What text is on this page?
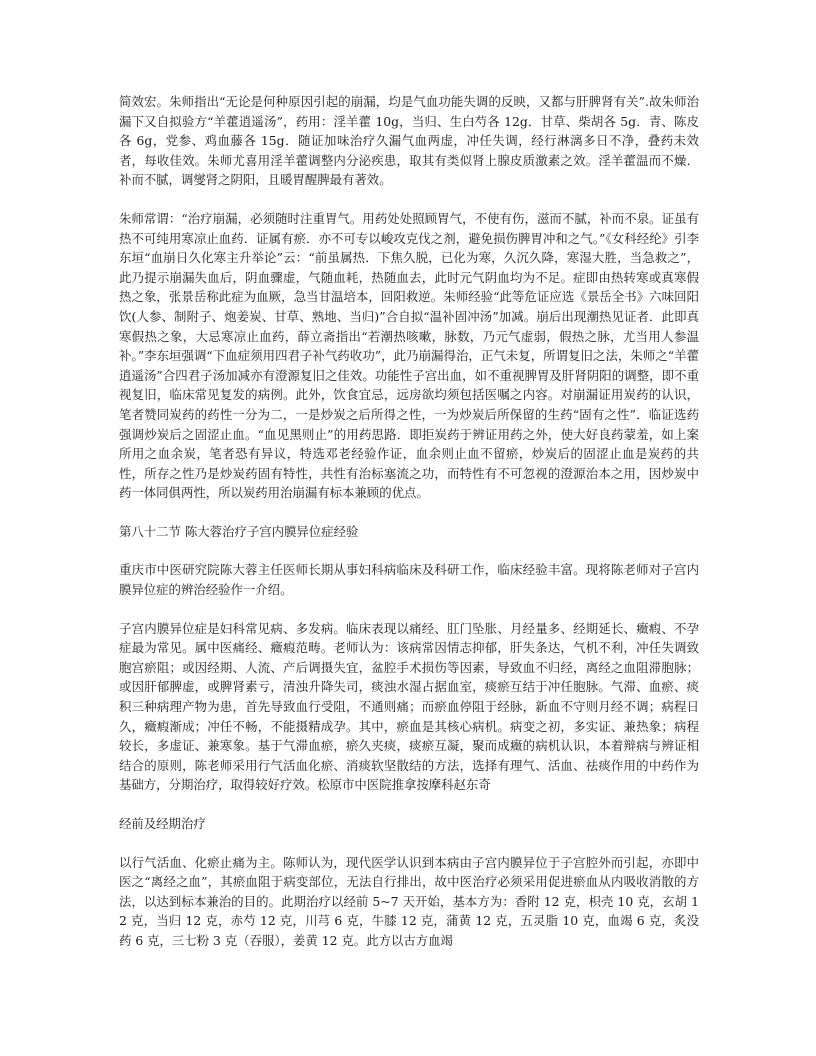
简效宏。朱师指出“无论是何种原因引起的崩漏，均是气血功能失调的反映，又都与肝脾肾有关”.故朱师治漏下又自拟验方“羊藿逍遥汤”，药用：淫羊藿 10g，当归、生白芍各 12g．甘草、柴胡各 5g．青、陈皮各 6g，党参、鸡血藤各 15g．随证加味治疗久漏气血两虚，冲任失调，经行淋漓多日不净，叠药未效者，每收佳效。朱师尤喜用淫羊藿调整内分泌疾患，取其有类似肾上腺皮质激素之效。淫羊藿温而不燥．补而不腻，调燮肾之阴阳，且暖胃醒脾最有著效。

朱师常谓：“治疗崩漏，必须随时注重胃气。用药处处照顾胃气，不使有伤，滋而不腻，补而不泉。证虽有热不可纯用寒凉止血药．证属有瘀．亦不可专以峻攻克伐之剂，避免损伤脾胃冲和之气。”《女科经纶》引李东垣“血崩日久化寒主升举论”云：“前虽属热．下焦久脱，已化为寒，久沉久降，寒湿大胜，当急救之”，此乃提示崩漏失血后，阴血骤虚，气随血耗，热随血去，此时元气阴血均为不足。症即由热转寒或真寒假热之象，张景岳称此症为血厥，急当甘温培本，回阳救逆。朱师经验“此等危证应选《景岳全书》六味回阳饮(人参、制附子、炮姜炭、甘草、熟地、当归)”合自拟“温补固冲汤”加减。崩后出现潮热见证者．此即真寒假热之象，大忌寒凉止血药，薛立斋指出“若潮热咳嗽，脉数，乃元气虚弱，假热之脉，尤当用人参温补。”李东垣强调“下血症须用四君子补气药收功”，此乃崩漏得治，正气未复，所谓复旧之法，朱师之“羊藿逍遥汤”合四君子汤加减亦有澄源复旧之佳效。功能性子宫出血，如不重视脾胃及肝肾阴阳的调整，即不重视复旧，临床常见复发的病例。此外，饮食宜忌，远房欲均须包括医嘱之内容。对崩漏证用炭药的认识，笔者赞同炭药的药性一分为二，一是炒炭之后所得之性，一为炒炭后所保留的生药“固有之性”．临证选药强调炒炭后之固涩止血。“血见黑则止”的用药思路．即拒炭药于辨证用药之外，使大好良药蒙羞，如上案所用之血余炭，笔者恐有异议，特选邓老经验作证，血余则止血不留瘀，炒炭后的固涩止血是炭药的共性，所存之性乃是炒炭药固有特性，共性有治标塞流之功，而特性有不可忽视的澄源治本之用，因炒炭中药一体同俱两性，所以炭药用治崩漏有标本兼顾的优点。

第八十二节 陈大蓉治疗子宫内膜异位症经验

重庆市中医研究院陈大蓉主任医师长期从事妇科病临床及科研工作，临床经验丰富。现将陈老师对子宫内膜异位症的辨治经验作一介绍。

子宫内膜异位症是妇科常见病、多发病。临床表现以痛经、肛门坠胀、月经量多、经期延长、癥瘕、不孕症最为常见。属中医痛经、癥瘕范畴。老师认为：该病常因情志抑郁，肝失条达，气机不利，冲任失调致胞宫瘀阻；或因经期、人流、产后调摄失宜，盆腔手术损伤等因素，导致血不归经，离经之血阻滞胞脉；或因肝郁脾虚，或脾肾素亏，清浊升降失司，痰浊水湿占据血室，痰瘀互结于冲任胞脉。气滞、血瘀、痰积三种病理产物为患，首先导致血行受阻，不通则痛；而瘀血停阻于经脉，新血不守则月经不调；病程日久，癥瘕渐成；冲任不畅，不能摄精成孕。其中，瘀血是其核心病机。病变之初，多实证、兼热象；病程较长，多虚证、兼寒象。基于气滞血瘀，瘀久夹痰，痰瘀互凝，聚而成癥的病机认识，本着辩病与辨证相结合的原则，陈老师采用行气活血化瘀、消痰软坚散结的方法，选择有理气、活血、祛痰作用的中药作为基础方，分期治疗，取得较好疗效。松原市中医院推拿按摩科赵东奇

经前及经期治疗

以行气活血、化瘀止痛为主。陈师认为，现代医学认识到本病由子宫内膜异位于子宫腔外而引起，亦即中医之“离经之血”，其瘀血阻于病变部位，无法自行排出，故中医治疗必须采用促进瘀血从内吸收消散的方法，以达到标本兼治的目的。此期治疗以经前 5~7 天开始，基本方为：香附 12 克，枳壳 10 克，玄胡 12 克，当归 12 克，赤芍 12 克，川芎 6 克，牛膝 12 克，蒲黄 12 克，五灵脂 10 克，血竭 6 克，炙没药 6 克，三七粉 3 克（吞服），姜黄 12 克。此方以古方血竭
